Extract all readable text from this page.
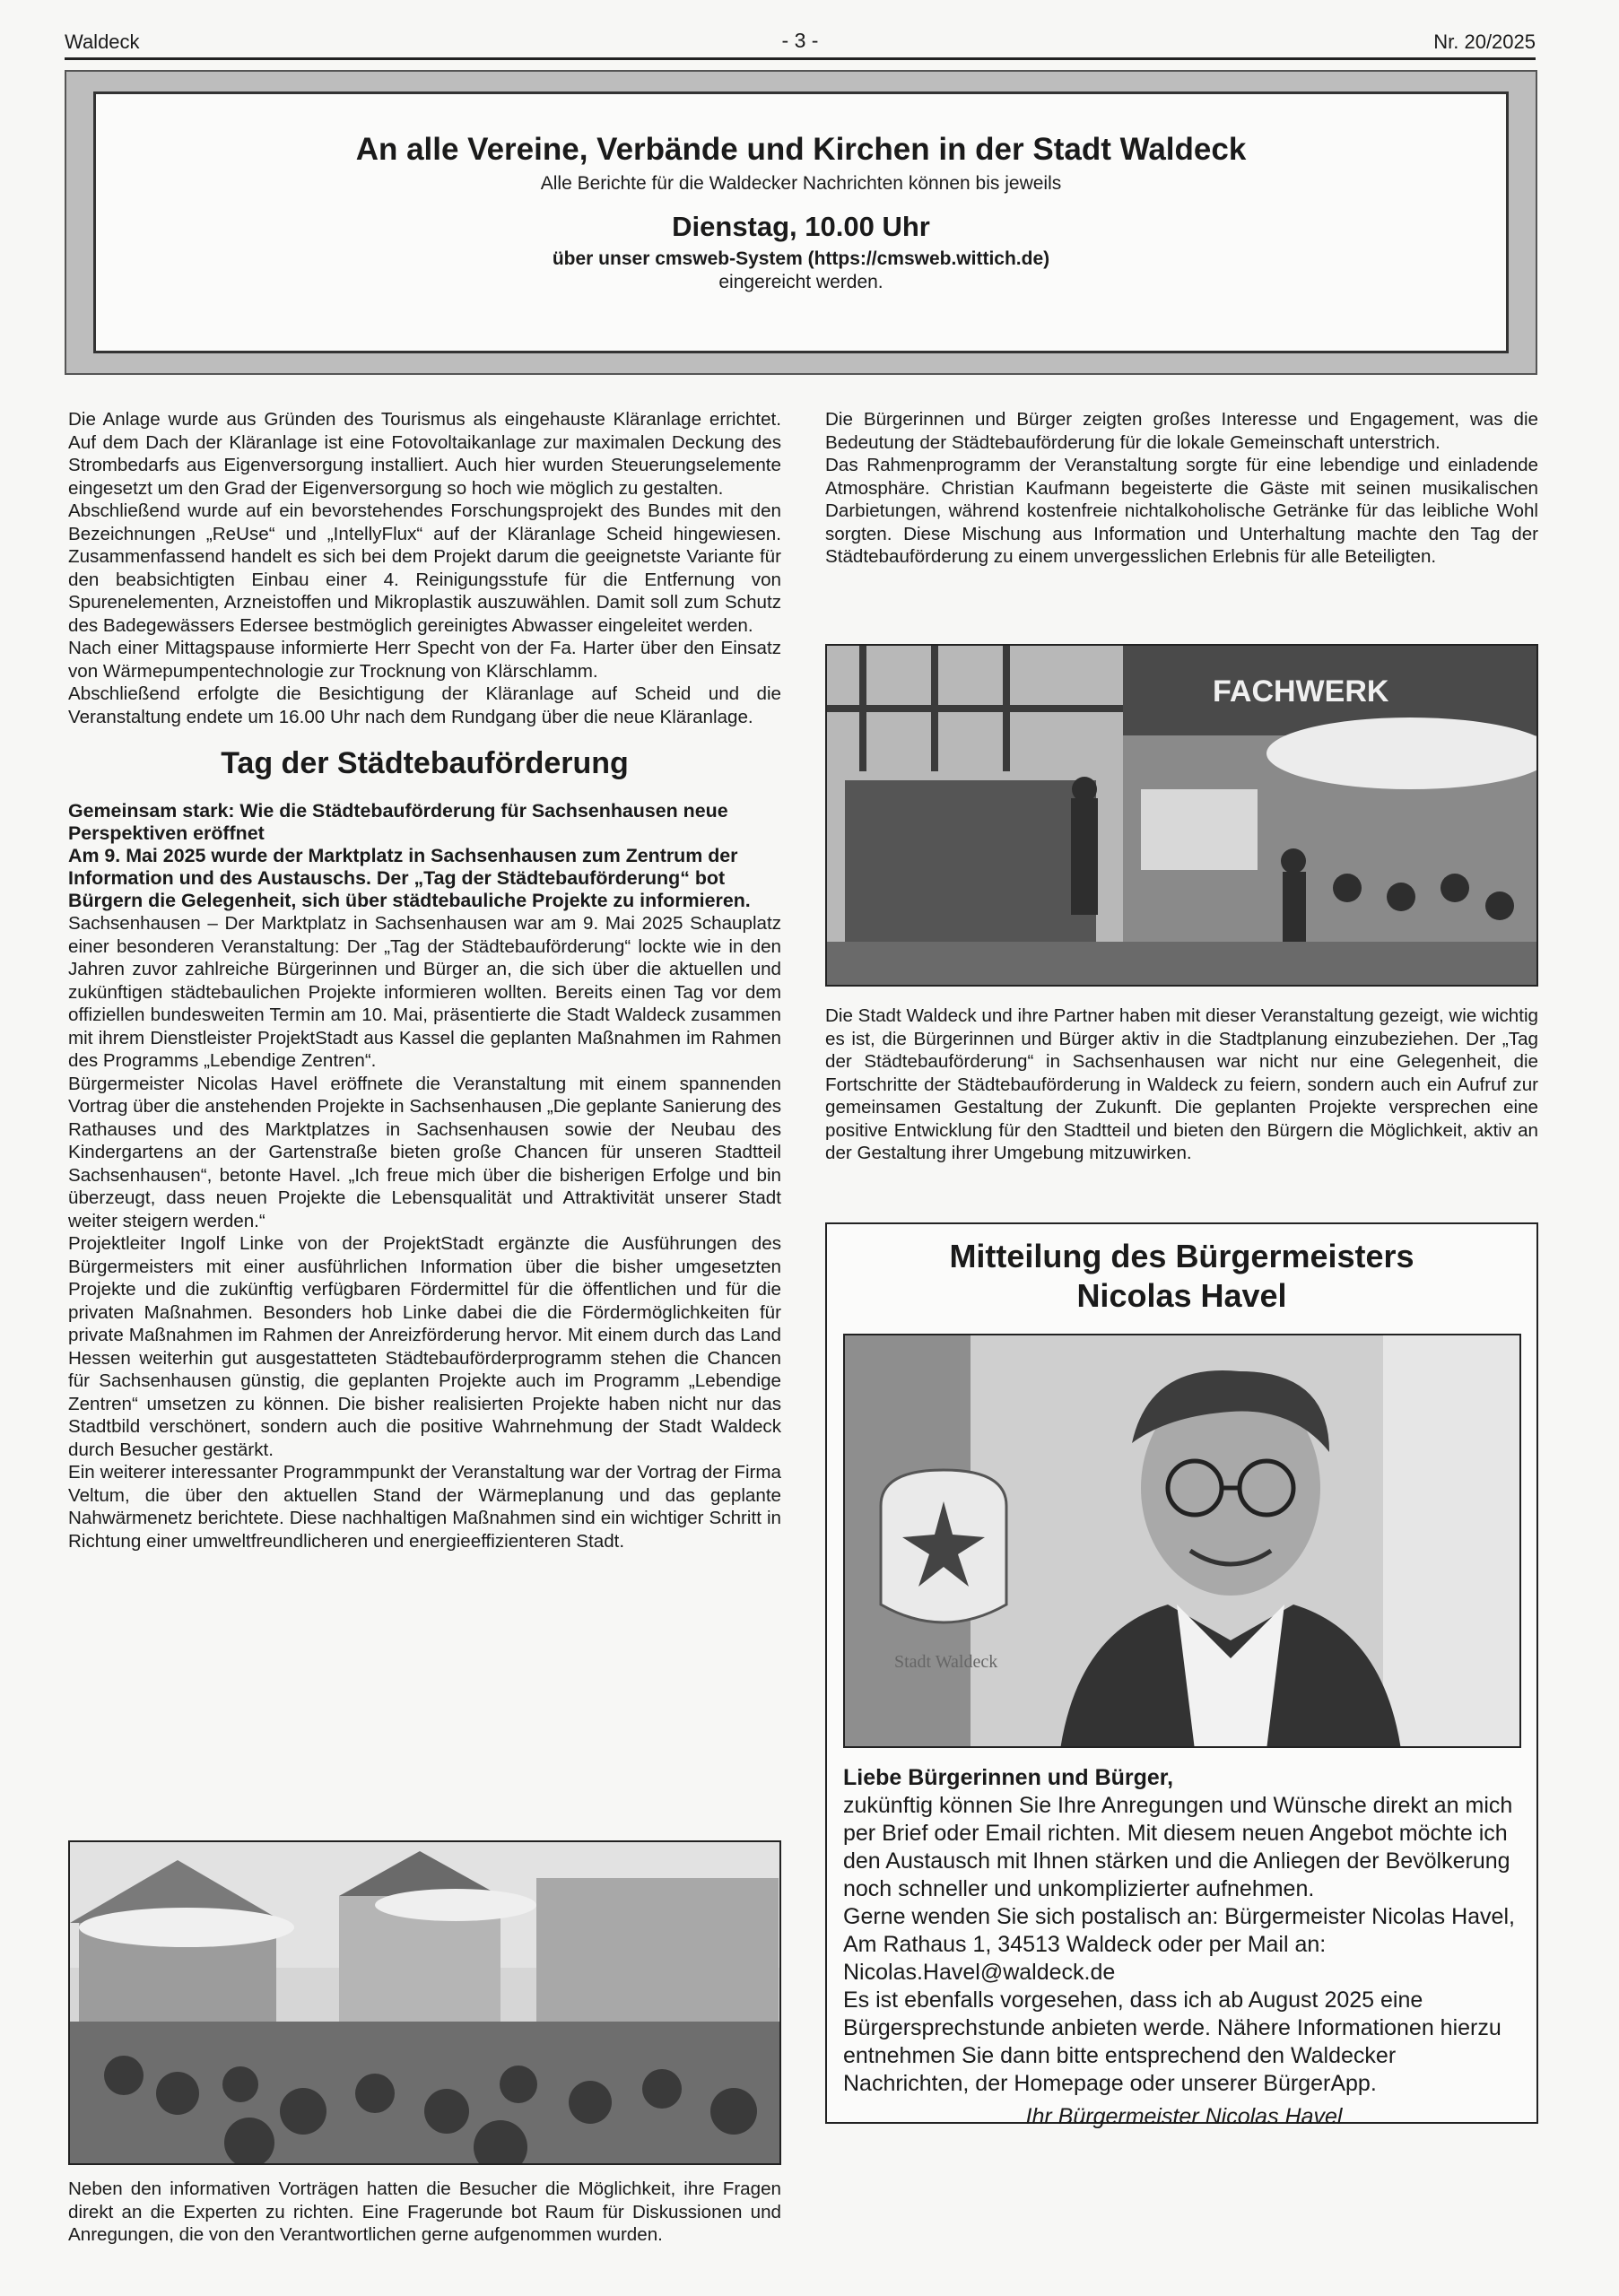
Waldeck	- 3 -	Nr. 20/2025
An alle Vereine, Verbände und Kirchen in der Stadt Waldeck
Alle Berichte für die Waldecker Nachrichten können bis jeweils
Dienstag, 10.00 Uhr
über unser cmsweb-System (https://cmsweb.wittich.de)
eingereicht werden.

Die Anlage wurde aus Gründen des Tourismus als eingehauste Kläranlage errichtet. Auf dem Dach der Kläranlage ist eine Fotovoltaikanlage zur maximalen Deckung des Strombedarfs aus Eigenversorgung installiert. Auch hier wurden Steuerungselemente eingesetzt um den Grad der Eigenversorgung so hoch wie möglich zu gestalten.

Abschließend wurde auf ein bevorstehendes Forschungsprojekt des Bundes mit den Bezeichnungen „ReUse“ und „IntellyFlux“ auf der Kläranlage Scheid hingewiesen. Zusammenfassend handelt es sich bei dem Projekt darum die geeignetste Variante für den beabsichtigten Einbau einer 4. Reinigungsstufe für die Entfernung von Spurenelementen, Arzneistoffen und Mikroplastik auszuwählen. Damit soll zum Schutz des Badegewässers Edersee bestmöglich gereinigtes Abwasser eingeleitet werden.

Nach einer Mittagspause informierte Herr Specht von der Fa. Harter über den Einsatz von Wärmepumpentechnologie zur Trocknung von Klärschlamm.

Abschließend erfolgte die Besichtigung der Kläranlage auf Scheid und die Veranstaltung endete um 16.00 Uhr nach dem Rundgang über die neue Kläranlage.

Tag der Städtebauförderung

Gemeinsam stark: Wie die Städtebauförderung für Sachsenhausen neue Perspektiven eröffnet

Am 9. Mai 2025 wurde der Marktplatz in Sachsenhausen zum Zentrum der Information und des Austauschs. Der „Tag der Städtebauförderung“ bot Bürgern die Gelegenheit, sich über städtebauliche Projekte zu informieren.

Sachsenhausen – Der Marktplatz in Sachsenhausen war am 9. Mai 2025 Schauplatz einer besonderen Veranstaltung: Der „Tag der Städtebauförderung“ lockte wie in den Jahren zuvor zahlreiche Bürgerinnen und Bürger an, die sich über die aktuellen und zukünftigen städtebaulichen Projekte informieren wollten. Bereits einen Tag vor dem offiziellen bundesweiten Termin am 10. Mai, präsentierte die Stadt Waldeck zusammen mit ihrem Dienstleister ProjektStadt aus Kassel die geplanten Maßnahmen im Rahmen des Programms „Lebendige Zentren“.

Bürgermeister Nicolas Havel eröffnete die Veranstaltung mit einem spannenden Vortrag über die anstehenden Projekte in Sachsenhausen „Die geplante Sanierung des Rathauses und des Marktplatzes in Sachsenhausen sowie der Neubau des Kindergartens an der Gartenstraße bieten große Chancen für unseren Stadtteil Sachsenhausen“, betonte Havel. „Ich freue mich über die bisherigen Erfolge und bin überzeugt, dass neuen Projekte die Lebensqualität und Attraktivität unserer Stadt weiter steigern werden.“

Projektleiter Ingolf Linke von der ProjektStadt ergänzte die Ausführungen des Bürgermeisters mit einer ausführlichen Information über die bisher umgesetzten Projekte und die zukünftig verfügbaren Fördermittel für die öffentlichen und für die privaten Maßnahmen. Besonders hob Linke dabei die die Fördermöglichkeiten für private Maßnahmen im Rahmen der Anreizförderung hervor. Mit einem durch das Land Hessen weiterhin gut ausgestatteten Städtebauförderprogramm stehen die Chancen für Sachsenhausen günstig, die geplanten Projekte auch im Programm „Lebendige Zentren“ umsetzen zu können. Die bisher realisierten Projekte haben nicht nur das Stadtbild verschönert, sondern auch die positive Wahrnehmung der Stadt Waldeck durch Besucher gestärkt.

Ein weiterer interessanter Programmpunkt der Veranstaltung war der Vortrag der Firma Veltum, die über den aktuellen Stand der Wärmeplanung und das geplante Nahwärmenetz berichtete. Diese nachhaltigen Maßnahmen sind ein wichtiger Schritt in Richtung einer umweltfreundlicheren und energieeffizienteren Stadt.

Neben den informativen Vorträgen hatten die Besucher die Möglichkeit, ihre Fragen direkt an die Experten zu richten. Eine Fragerunde bot Raum für Diskussionen und Anregungen, die von den Verantwortlichen gerne aufgenommen wurden.

Die Bürgerinnen und Bürger zeigten großes Interesse und Engagement, was die Bedeutung der Städtebauförderung für die lokale Gemeinschaft unterstrich.

Das Rahmenprogramm der Veranstaltung sorgte für eine lebendige und einladende Atmosphäre. Christian Kaufmann begeisterte die Gäste mit seinen musikalischen Darbietungen, während kostenfreie nichtalkoholische Getränke für das leibliche Wohl sorgten. Diese Mischung aus Information und Unterhaltung machte den Tag der Städtebauförderung zu einem unvergesslichen Erlebnis für alle Beteiligten.

FACHWERK
Die Stadt Waldeck und ihre Partner haben mit dieser Veranstaltung gezeigt, wie wichtig es ist, die Bürgerinnen und Bürger aktiv in die Stadtplanung einzubeziehen. Der „Tag der Städtebauförderung“ in Sachsenhausen war nicht nur eine Gelegenheit, die Fortschritte der Städtebauförderung in Waldeck zu feiern, sondern auch ein Aufruf zur gemeinsamen Gestaltung der Zukunft. Die geplanten Projekte versprechen eine positive Entwicklung für den Stadtteil und bieten den Bürgern die Möglichkeit, aktiv an der Gestaltung ihrer Umgebung mitzuwirken.
Mitteilung des Bürgermeisters
Nicolas Havel
Stadt Waldeck
Liebe Bürgerinnen und Bürger,
zukünftig können Sie Ihre Anregungen und Wünsche direkt an mich per Brief oder Email richten. Mit diesem neuen Angebot möchte ich den Austausch mit Ihnen stärken und die Anliegen der Bevölkerung noch schneller und unkomplizierter aufnehmen.
Gerne wenden Sie sich postalisch an: Bürgermeister Nicolas Havel, Am Rathaus 1, 34513 Waldeck oder per Mail an: Nicolas.Havel@waldeck.de
Es ist ebenfalls vorgesehen, dass ich ab August 2025 eine Bürgersprechstunde anbieten werde. Nähere Informationen hierzu entnehmen Sie dann bitte entsprechend den Waldecker Nachrichten, der Homepage oder unserer BürgerApp.
Ihr Bürgermeister Nicolas Havel
